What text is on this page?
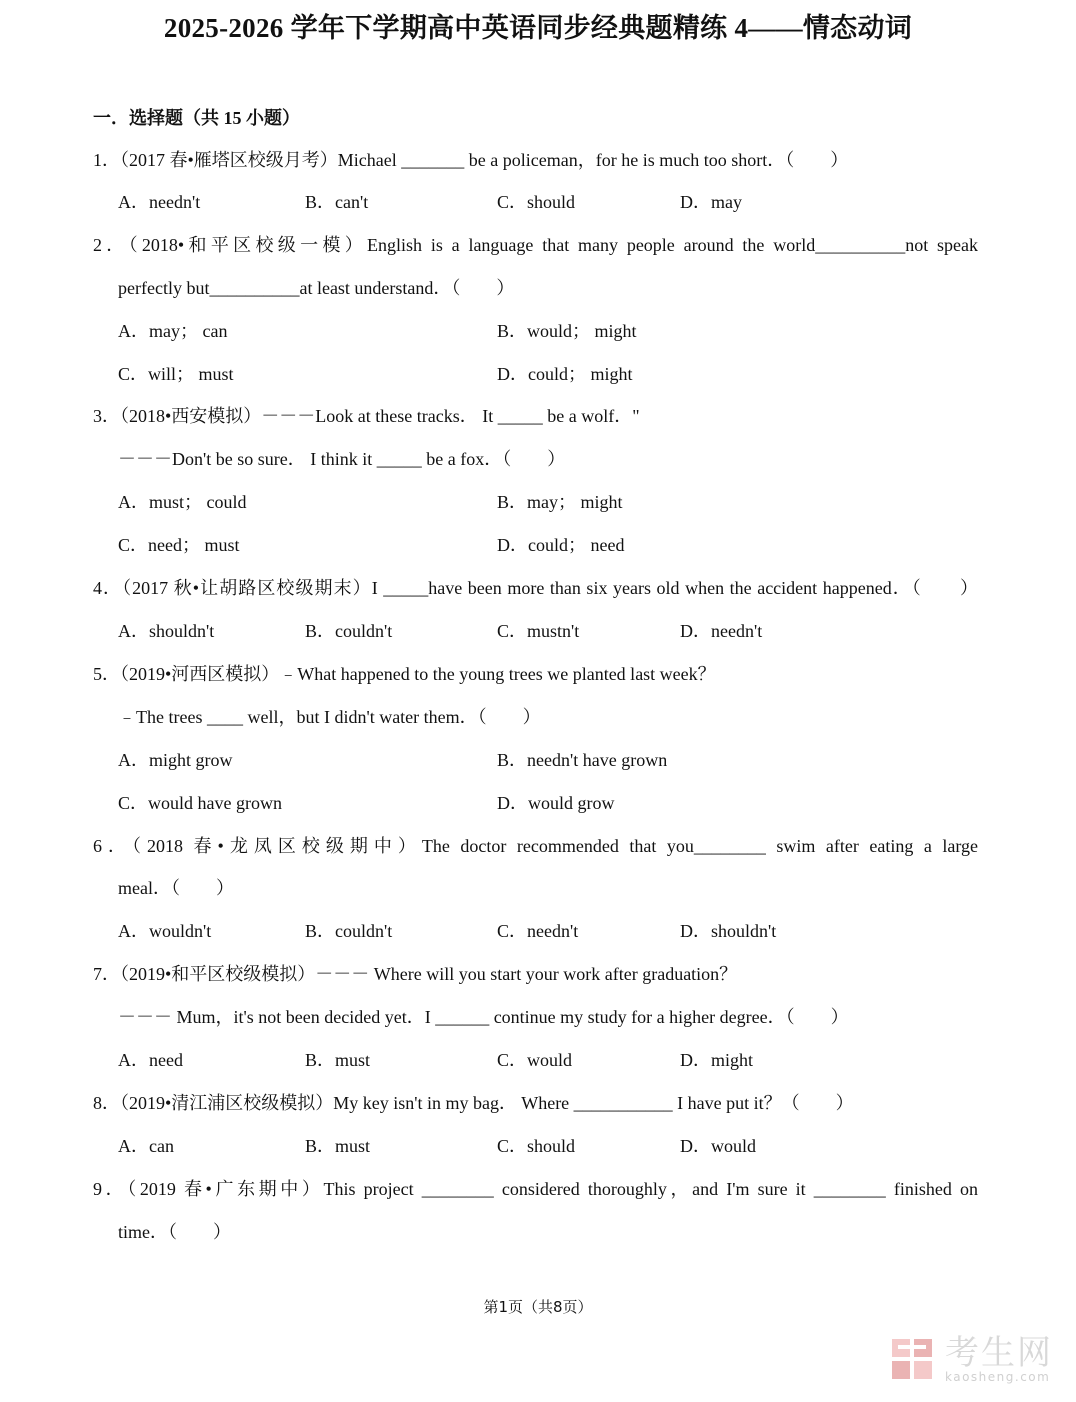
2025-2026 学年下学期高中英语同步经典题精练 4——情态动词
一．选择题（共 15 小题）
1．（2017 春•雁塔区校级月考）Michael _______ be a policeman，for he is much too short．（　　）
A．needn't	B．can't	C．should	D．may
2．（2018•和平区校级一模）English is a language that many people around the world__________not speak
perfectly but__________at least understand．（　　）
A．may； can	B．would； might
C．will； must	D．could； might
3．（2018•西安模拟）－－－Look at these tracks． It _____ be a wolf．"
－－－Don't be so sure． I think it _____ be a fox．（　　）
A．must； could	B．may； might
C．need； must	D．could； need
4．（2017 秋•让胡路区校级期末）I _____have been more than six years old when the accident happened．（　　）
A．shouldn't	B．couldn't	C．mustn't	D．needn't
5．（2019•河西区模拟）﹣What happened to the young trees we planted last week？
﹣The trees ____ well，but I didn't water them．（　　）
A．might grow	B．needn't have grown
C．would have grown	D．would grow
6．（2018 春•龙凤区校级期中）The doctor recommended that you________ swim after eating a large
meal．（　　）
A．wouldn't	B．couldn't	C．needn't	D．shouldn't
7．（2019•和平区校级模拟）－－－ Where will you start your work after graduation？
－－－ Mum，it's not been decided yet．I ______ continue my study for a higher degree．（　　）
A．need	B．must	C．would	D．might
8．（2019•清江浦区校级模拟）My key isn't in my bag． Where ___________ I have put it？（　　）
A．can	B．must	C．should	D．would
9．（2019 春•广东期中）This project ________ considered thoroughly，and I'm sure it ________ finished on
time．（　　）
第1页（共8页）
考生网
kaosheng.com
